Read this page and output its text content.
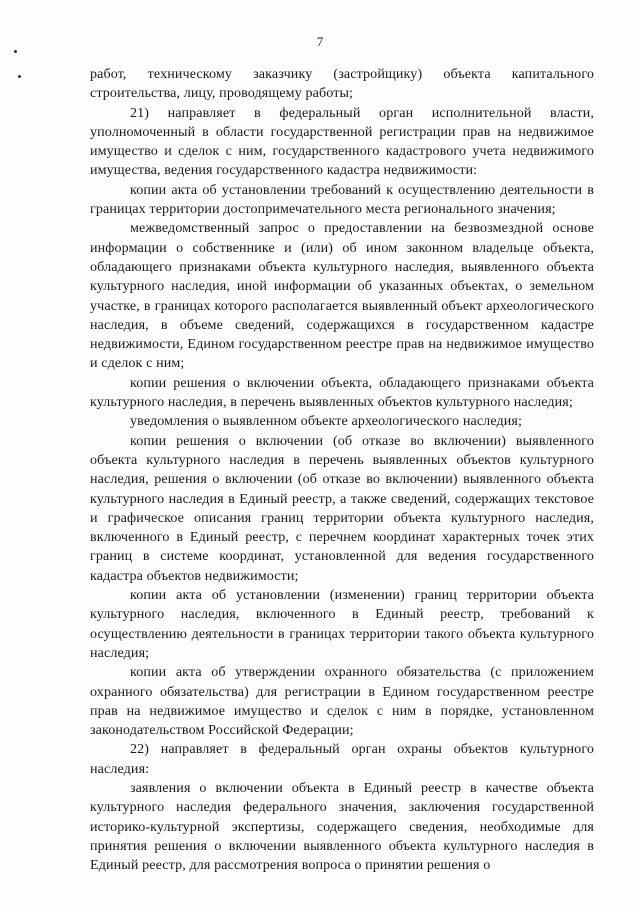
7

работ, техническому заказчику (застройщику) объекта капитального строительства, лицу, проводящему работы;

21) направляет в федеральный орган исполнительной власти, уполномоченный в области государственной регистрации прав на недвижимое имущество и сделок с ним, государственного кадастрового учета недвижимого имущества, ведения государственного кадастра недвижимости:

копии акта об установлении требований к осуществлению деятельности в границах территории достопримечательного места регионального значения;

межведомственный запрос о предоставлении на безвозмездной основе информации о собственнике и (или) об ином законном владельце объекта, обладающего признаками объекта культурного наследия, выявленного объекта культурного наследия, иной информации об указанных объектах, о земельном участке, в границах которого располагается выявленный объект археологического наследия, в объеме сведений, содержащихся в государственном кадастре недвижимости, Едином государственном реестре прав на недвижимое имущество и сделок с ним;

копии решения о включении объекта, обладающего признаками объекта культурного наследия, в перечень выявленных объектов культурного наследия;

уведомления о выявленном объекте археологического наследия;

копии решения о включении (об отказе во включении) выявленного объекта культурного наследия в перечень выявленных объектов культурного наследия, решения о включении (об отказе во включении) выявленного объекта культурного наследия в Единый реестр, а также сведений, содержащих текстовое и графическое описания границ территории объекта культурного наследия, включенного в Единый реестр, с перечнем координат характерных точек этих границ в системе координат, установленной для ведения государственного кадастра объектов недвижимости;

копии акта об установлении (изменении) границ территории объекта культурного наследия, включенного в Единый реестр, требований к осуществлению деятельности в границах территории такого объекта культурного наследия;

копии акта об утверждении охранного обязательства (с приложением охранного обязательства) для регистрации в Едином государственном реестре прав на недвижимое имущество и сделок с ним в порядке, установленном законодательством Российской Федерации;

22) направляет в федеральный орган охраны объектов культурного наследия:

заявления о включении объекта в Единый реестр в качестве объекта культурного наследия федерального значения, заключения государственной историко-культурной экспертизы, содержащего сведения, необходимые для принятия решения о включении выявленного объекта культурного наследия в Единый реестр, для рассмотрения вопроса о принятии решения о
